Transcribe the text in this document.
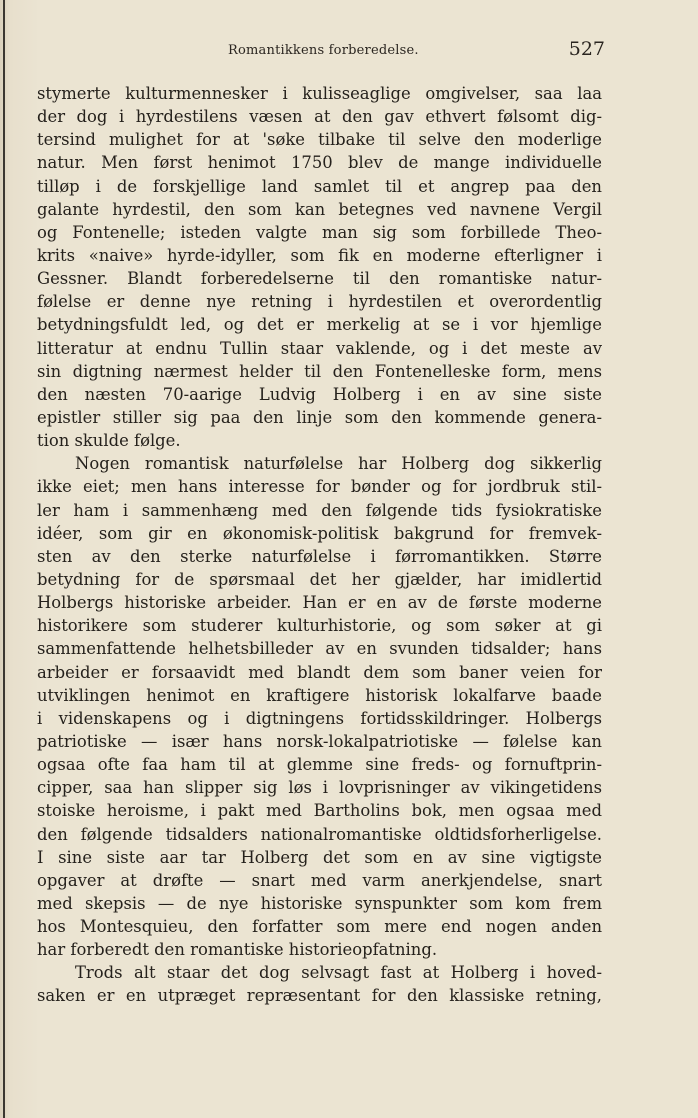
Romantikkens forberedelse.	527
stymerte kulturmennesker i kulisseaglige omgivelser, saa laa
der dog i hyrdestilens væsen at den gav ethvert følsomt dig-
tersind mulighet for at 'søke tilbake til selve den moderlige
natur. Men først henimot 1750 blev de mange individuelle
tilløp i de forskjellige land samlet til et angrep paa den
galante hyrdestil, den som kan betegnes ved navnene Vergil
og Fontenelle; isteden valgte man sig som forbillede Theo-
krits «naive» hyrde-idyller, som fik en moderne efterligner i
Gessner. Blandt forberedelserne til den romantiske natur-
følelse er denne nye retning i hyrdestilen et overordentlig
betydningsfuldt led, og det er merkelig at se i vor hjemlige
litteratur at endnu Tullin staar vaklende, og i det meste av
sin digtning nærmest helder til den Fontenelleske form, mens
den næsten 70-aarige Ludvig Holberg i en av sine siste
epistler stiller sig paa den linje som den kommende genera-
tion skulde følge.
Nogen romantisk naturfølelse har Holberg dog sikkerlig
ikke eiet; men hans interesse for bønder og for jordbruk stil-
ler ham i sammenhæng med den følgende tids fysiokratiske
idéer, som gir en økonomisk-politisk bakgrund for fremvek-
sten av den sterke naturfølelse i førromantikken. Større
betydning for de spørsmaal det her gjælder, har imidlertid
Holbergs historiske arbeider. Han er en av de første moderne
historikere som studerer kulturhistorie, og som søker at gi
sammenfattende helhetsbilleder av en svunden tidsalder; hans
arbeider er forsaavidt med blandt dem som baner veien for
utviklingen henimot en kraftigere historisk lokalfarve baade
i videnskapens og i digtningens fortidsskildringer. Holbergs
patriotiske — især hans norsk-lokalpatriotiske — følelse kan
ogsaa ofte faa ham til at glemme sine freds- og fornuftprin-
cipper, saa han slipper sig løs i lovprisninger av vikingetidens
stoiske heroisme, i pakt med Bartholins bok, men ogsaa med
den følgende tidsalders nationalromantiske oldtidsforherligelse.
I sine siste aar tar Holberg det som en av sine vigtigste
opgaver at drøfte — snart med varm anerkjendelse, snart
med skepsis — de nye historiske synspunkter som kom frem
hos Montesquieu, den forfatter som mere end nogen anden
har forberedt den romantiske historieopfatning.
Trods alt staar det dog selvsagt fast at Holberg i hoved-
saken er en utpræget repræsentant for den klassiske retning,
